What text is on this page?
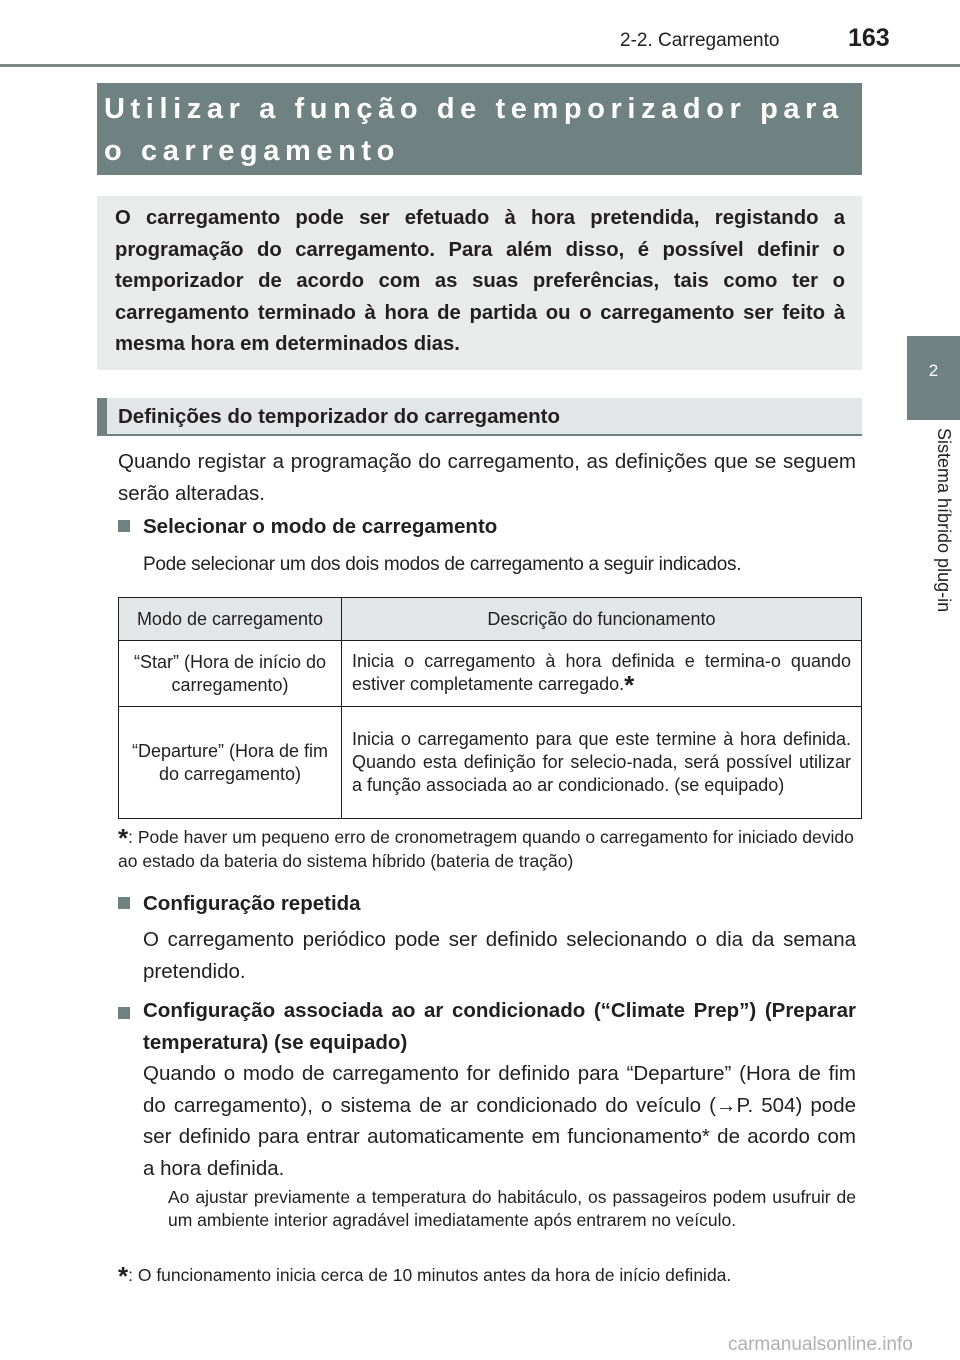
2-2. Carregamento	163
2
Sistema híbrido plug-in
Utilizar a função de temporizador para o carregamento
O carregamento pode ser efetuado à hora pretendida, registando a programação do carregamento. Para além disso, é possível definir o temporizador de acordo com as suas preferências, tais como ter o carregamento terminado à hora de partida ou o carregamento ser feito à mesma hora em determinados dias.
Definições do temporizador do carregamento
Quando registar a programação do carregamento, as definições que se seguem serão alteradas.
Selecionar o modo de carregamento
Pode selecionar um dos dois modos de carregamento a seguir indicados.
Modo de carregamento	Descrição do funcionamento
“Star” (Hora de início do carregamento)	Inicia o carregamento à hora definida e termina-o quando estiver completamente carregado.*
“Departure” (Hora de fim do carregamento)	Inicia o carregamento para que este termine à hora definida. Quando esta definição for selecio-nada, será possível utilizar a função associada ao ar condicionado. (se equipado)
*: Pode haver um pequeno erro de cronometragem quando o carregamento for iniciado devido ao estado da bateria do sistema híbrido (bateria de tração)
Configuração repetida
O carregamento periódico pode ser definido selecionando o dia da semana pretendido.
Configuração associada ao ar condicionado (“Climate Prep”) (Preparar temperatura) (se equipado)
Quando o modo de carregamento for definido para “Departure” (Hora de fim do carregamento), o sistema de ar condicionado do veículo (→P. 504) pode ser definido para entrar automaticamente em funcionamento* de acordo com a hora definida.
Ao ajustar previamente a temperatura do habitáculo, os passageiros podem usufruir de um ambiente interior agradável imediatamente após entrarem no veículo.
*: O funcionamento inicia cerca de 10 minutos antes da hora de início definida.
carmanualsonline.info
